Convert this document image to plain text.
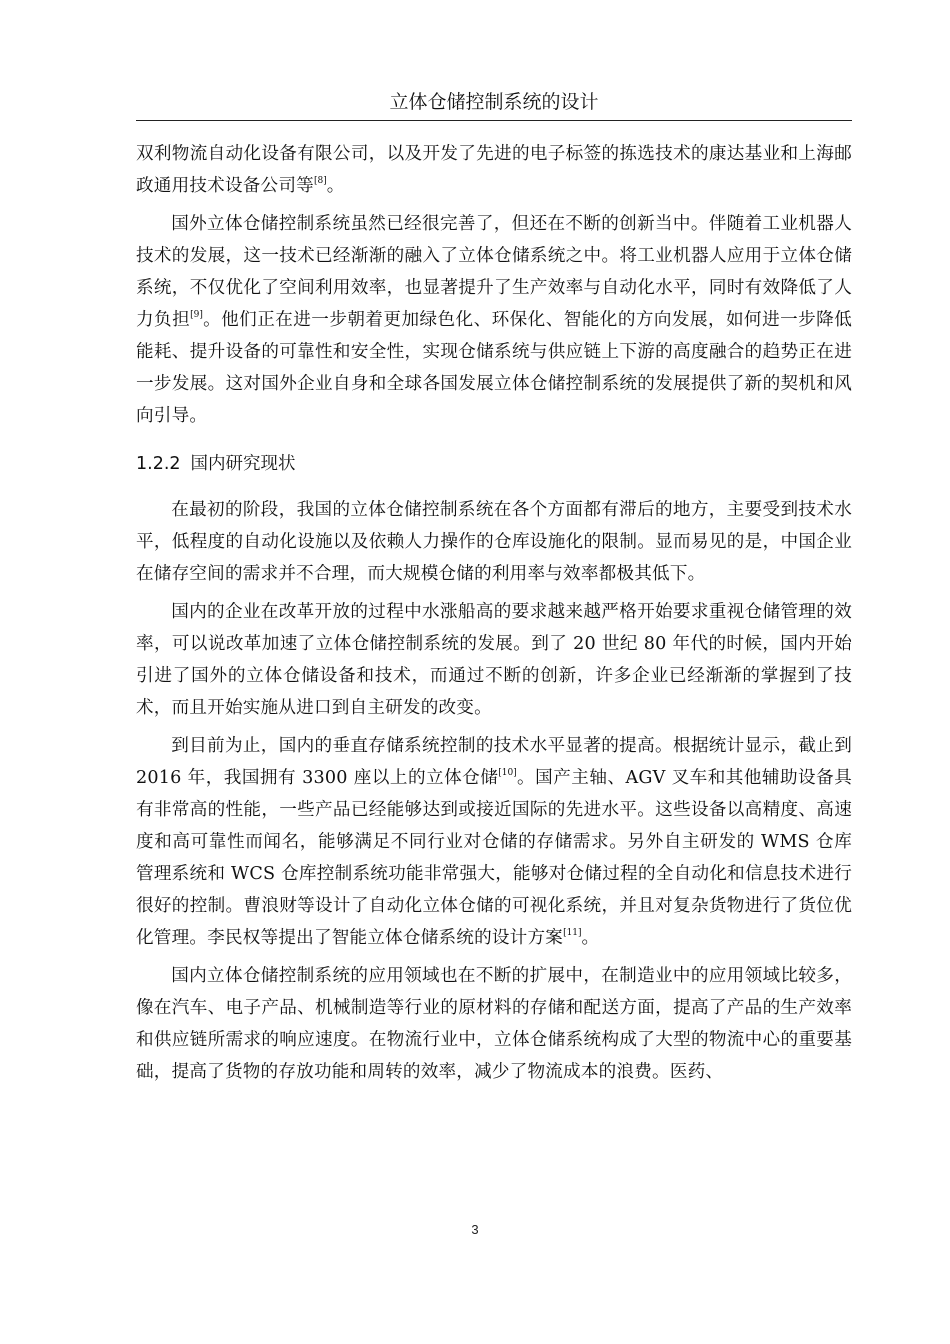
立体仓储控制系统的设计

双利物流自动化设备有限公司，以及开发了先进的电子标签的拣选技术的康达基业和上海邮政通用技术设备公司等[8]。

国外立体仓储控制系统虽然已经很完善了，但还在不断的创新当中。伴随着工业机器人技术的发展，这一技术已经渐渐的融入了立体仓储系统之中。将工业机器人应用于立体仓储系统，不仅优化了空间利用效率，也显著提升了生产效率与自动化水平，同时有效降低了人力负担[9]。他们正在进一步朝着更加绿色化、环保化、智能化的方向发展，如何进一步降低能耗、提升设备的可靠性和安全性，实现仓储系统与供应链上下游的高度融合的趋势正在进一步发展。这对国外企业自身和全球各国发展立体仓储控制系统的发展提供了新的契机和风向引导。

1.2.2 国内研究现状

在最初的阶段，我国的立体仓储控制系统在各个方面都有滞后的地方，主要受到技术水平，低程度的自动化设施以及依赖人力操作的仓库设施化的限制。显而易见的是，中国企业在储存空间的需求并不合理，而大规模仓储的利用率与效率都极其低下。

国内的企业在改革开放的过程中水涨船高的要求越来越严格开始要求重视仓储管理的效率，可以说改革加速了立体仓储控制系统的发展。到了 20 世纪 80 年代的时候，国内开始引进了国外的立体仓储设备和技术，而通过不断的创新，许多企业已经渐渐的掌握到了技术，而且开始实施从进口到自主研发的改变。

到目前为止，国内的垂直存储系统控制的技术水平显著的提高。根据统计显示，截止到 2016 年，我国拥有 3300 座以上的立体仓储[10]。国产主轴、AGV 叉车和其他辅助设备具有非常高的性能，一些产品已经能够达到或接近国际的先进水平。这些设备以高精度、高速度和高可靠性而闻名，能够满足不同行业对仓储的存储需求。另外自主研发的 WMS 仓库管理系统和 WCS 仓库控制系统功能非常强大，能够对仓储过程的全自动化和信息技术进行很好的控制。曹浪财等设计了自动化立体仓储的可视化系统，并且对复杂货物进行了货位优化管理。李民权等提出了智能立体仓储系统的设计方案[11]。

国内立体仓储控制系统的应用领域也在不断的扩展中，在制造业中的应用领域比较多，像在汽车、电子产品、机械制造等行业的原材料的存储和配送方面，提高了产品的生产效率和供应链所需求的响应速度。在物流行业中，立体仓储系统构成了大型的物流中心的重要基础，提高了货物的存放功能和周转的效率，减少了物流成本的浪费。医药、

3
